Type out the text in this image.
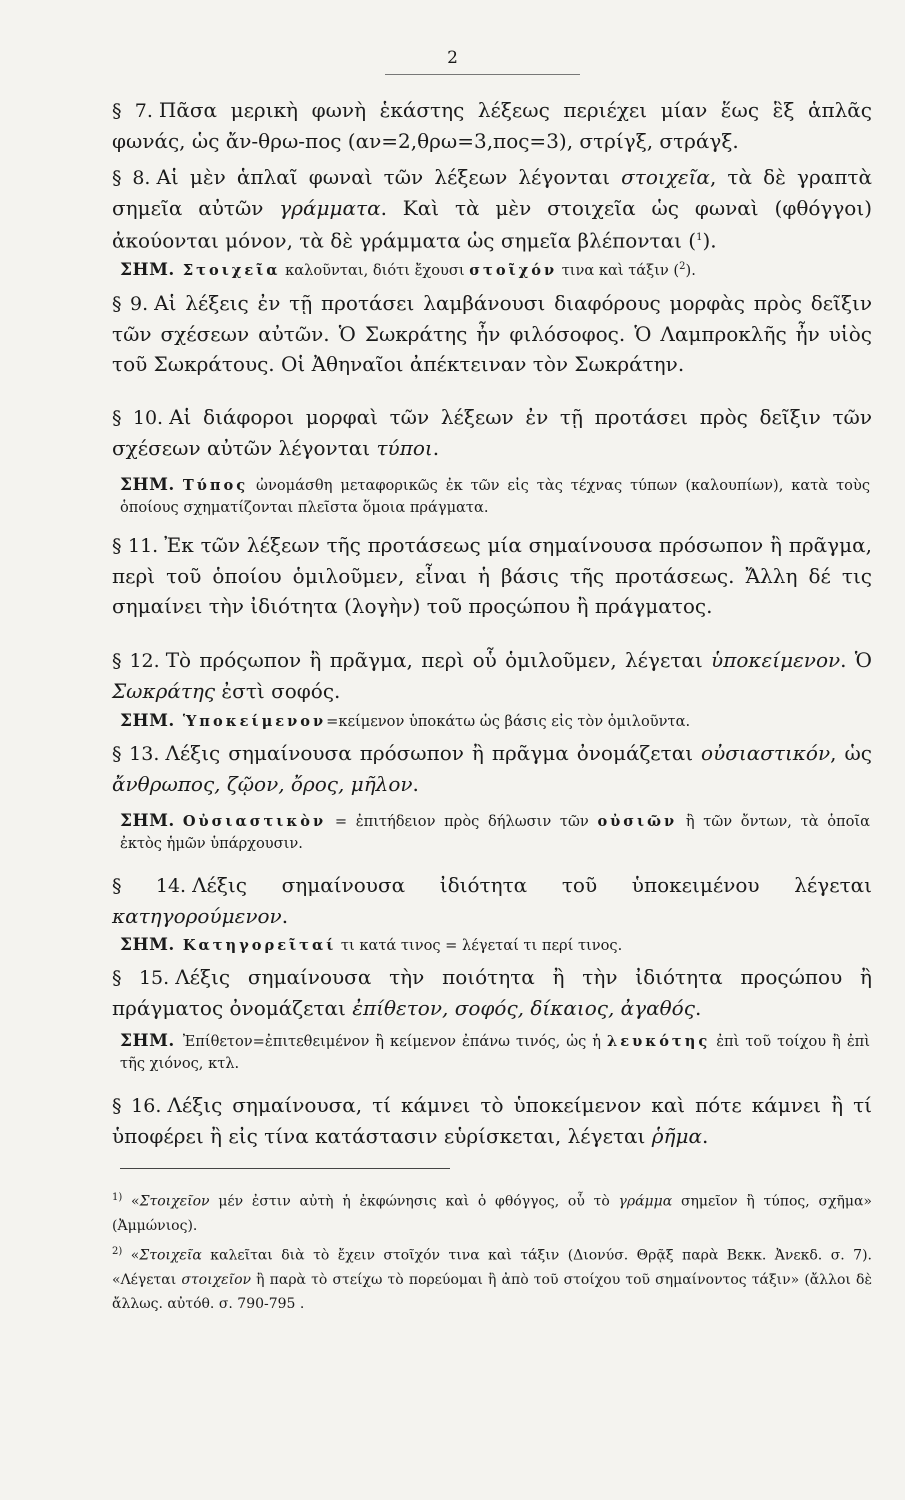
2

§ 7. Πᾶσα μερικὴ φωνὴ ἑκάστης λέξεως περιέχει μίαν ἕως ἓξ ἁπλᾶς φωνάς, ὡς ἄν-θρω-πος (αν=2,θρω=3,πος=3), στρίγξ, στράγξ.

§ 8. Αἱ μὲν ἁπλαῖ φωναὶ τῶν λέξεων λέγονται στοιχεῖα, τὰ δὲ γραπτὰ σημεῖα αὐτῶν γράμματα. Καὶ τὰ μὲν στοιχεῖα ὡς φωναὶ (φθόγγοι) ἀκούονται μόνον, τὰ δὲ γράμματα ὡς σημεῖα βλέπονται ($^1$).

ΣΗΜ. Στοιχεῖα καλοῦνται, διότι ἔχουσι στοῖχόν τινα καὶ τάξιν ($^2$).

§ 9. Αἱ λέξεις ἐν τῇ προτάσει λαμβάνουσι διαφόρους μορφὰς πρὸς δεῖξιν τῶν σχέσεων αὐτῶν. Ὁ Σωκράτης ἦν φιλόσοφος. Ὁ Λαμπροκλῆς ἦν υἱὸς τοῦ Σωκράτους. Οἱ Ἀθηναῖοι ἀπέκτειναν τὸν Σωκράτην.

§ 10. Αἱ διάφοροι μορφαὶ τῶν λέξεων ἐν τῇ προτάσει πρὸς δεῖξιν τῶν σχέσεων αὐτῶν λέγονται τύποι.

ΣΗΜ. Τύπος ὠνομάσθη μεταφορικῶς ἐκ τῶν εἰς τὰς τέχνας τύπων (καλουπίων), κατὰ τοὺς ὁποίους σχηματίζονται πλεῖστα ὅμοια πράγματα.

§ 11. Ἐκ τῶν λέξεων τῆς προτάσεως μία σημαίνουσα πρόσωπον ἢ πρᾶγμα, περὶ τοῦ ὁποίου ὁμιλοῦμεν, εἶναι ἡ βάσις τῆς προτάσεως. Ἄλλη δέ τις σημαίνει τὴν ἰδιότητα (λογὴν) τοῦ προςώπου ἢ πράγματος.

§ 12. Τὸ πρόςωπον ἢ πρᾶγμα, περὶ οὗ ὁμιλοῦμεν, λέγεται ὑποκείμενον. Ὁ Σωκράτης ἐστὶ σοφός.

ΣΗΜ. Ὑποκείμενον=κείμενον ὑποκάτω ὡς βάσις εἰς τὸν ὁμιλοῦντα.

§ 13. Λέξις σημαίνουσα πρόσωπον ἢ πρᾶγμα ὀνομάζεται οὐσιαστικόν, ὡς ἄνθρωπος, ζῷον, ὄρος, μῆλον.

ΣΗΜ. Οὐσιαστικὸν = ἐπιτήδειον πρὸς δήλωσιν τῶν οὐσιῶν ἢ τῶν ὄντων, τὰ ὁποῖα ἐκτὸς ἡμῶν ὑπάρχουσιν.

§ 14. Λέξις σημαίνουσα ἰδιότητα τοῦ ὑποκειμένου λέγεται κατηγορούμενον.

ΣΗΜ. Κατηγορεῖταί τι κατά τινος = λέγεταί τι περί τινος.

§ 15. Λέξις σημαίνουσα τὴν ποιότητα ἢ τὴν ἰδιότητα προςώπου ἢ πράγματος ὀνομάζεται ἐπίθετον, σοφός, δίκαιος, ἀγαθός.

ΣΗΜ. Ἐπίθετον=ἐπιτεθειμένον ἢ κείμενον ἐπάνω τινός, ὡς ἡ λευκότης ἐπὶ τοῦ τοίχου ἢ ἐπὶ τῆς χιόνος, κτλ.

§ 16. Λέξις σημαίνουσα, τί κάμνει τὸ ὑποκείμενον καὶ πότε κάμνει ἢ τί ὑποφέρει ἢ εἰς τίνα κατάστασιν εὑρίσκεται, λέγεται ῥῆμα.

$^{1)}$ «Στοιχεῖον μέν ἐστιν αὐτὴ ἡ ἐκφώνησις καὶ ὁ φθόγγος, οὗ τὸ γράμμα σημεῖον ἢ τύπος, σχῆμα» (Ἀμμώνιος).

$^{2)}$ «Στοιχεῖα καλεῖται διὰ τὸ ἔχειν στοῖχόν τινα καὶ τάξιν (Διονύσ. Θρᾷξ παρὰ Βεκκ. Ἀνεκδ. σ. 7). «Λέγεται στοιχεῖον ἢ παρὰ τὸ στείχω τὸ πορεύομαι ἢ ἀπὸ τοῦ στοίχου τοῦ σημαίνοντος τάξιν» (ἄλλοι δὲ ἄλλως. αὐτόθ. σ. 790-795 .
